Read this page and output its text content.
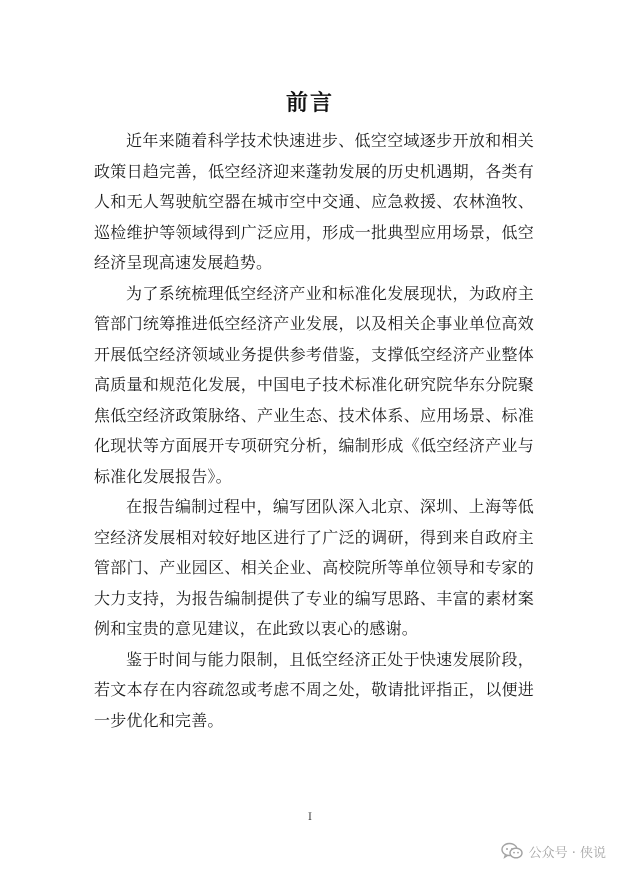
前言

近年来随着科学技术快速进步、低空空域逐步开放和相关政策日趋完善，低空经济迎来蓬勃发展的历史机遇期，各类有人和无人驾驶航空器在城市空中交通、应急救援、农林渔牧、巡检维护等领域得到广泛应用，形成一批典型应用场景，低空经济呈现高速发展趋势。

为了系统梳理低空经济产业和标准化发展现状，为政府主管部门统筹推进低空经济产业发展，以及相关企事业单位高效开展低空经济领域业务提供参考借鉴，支撑低空经济产业整体高质量和规范化发展，中国电子技术标准化研究院华东分院聚焦低空经济政策脉络、产业生态、技术体系、应用场景、标准化现状等方面展开专项研究分析，编制形成《低空经济产业与标准化发展报告》。

在报告编制过程中，编写团队深入北京、深圳、上海等低空经济发展相对较好地区进行了广泛的调研，得到来自政府主管部门、产业园区、相关企业、高校院所等单位领导和专家的大力支持，为报告编制提供了专业的编写思路、丰富的素材案例和宝贵的意见建议，在此致以衷心的感谢。

鉴于时间与能力限制，且低空经济正处于快速发展阶段，若文本存在内容疏忽或考虑不周之处，敬请批评指正，以便进一步优化和完善。

I
公众号 · 侠说
